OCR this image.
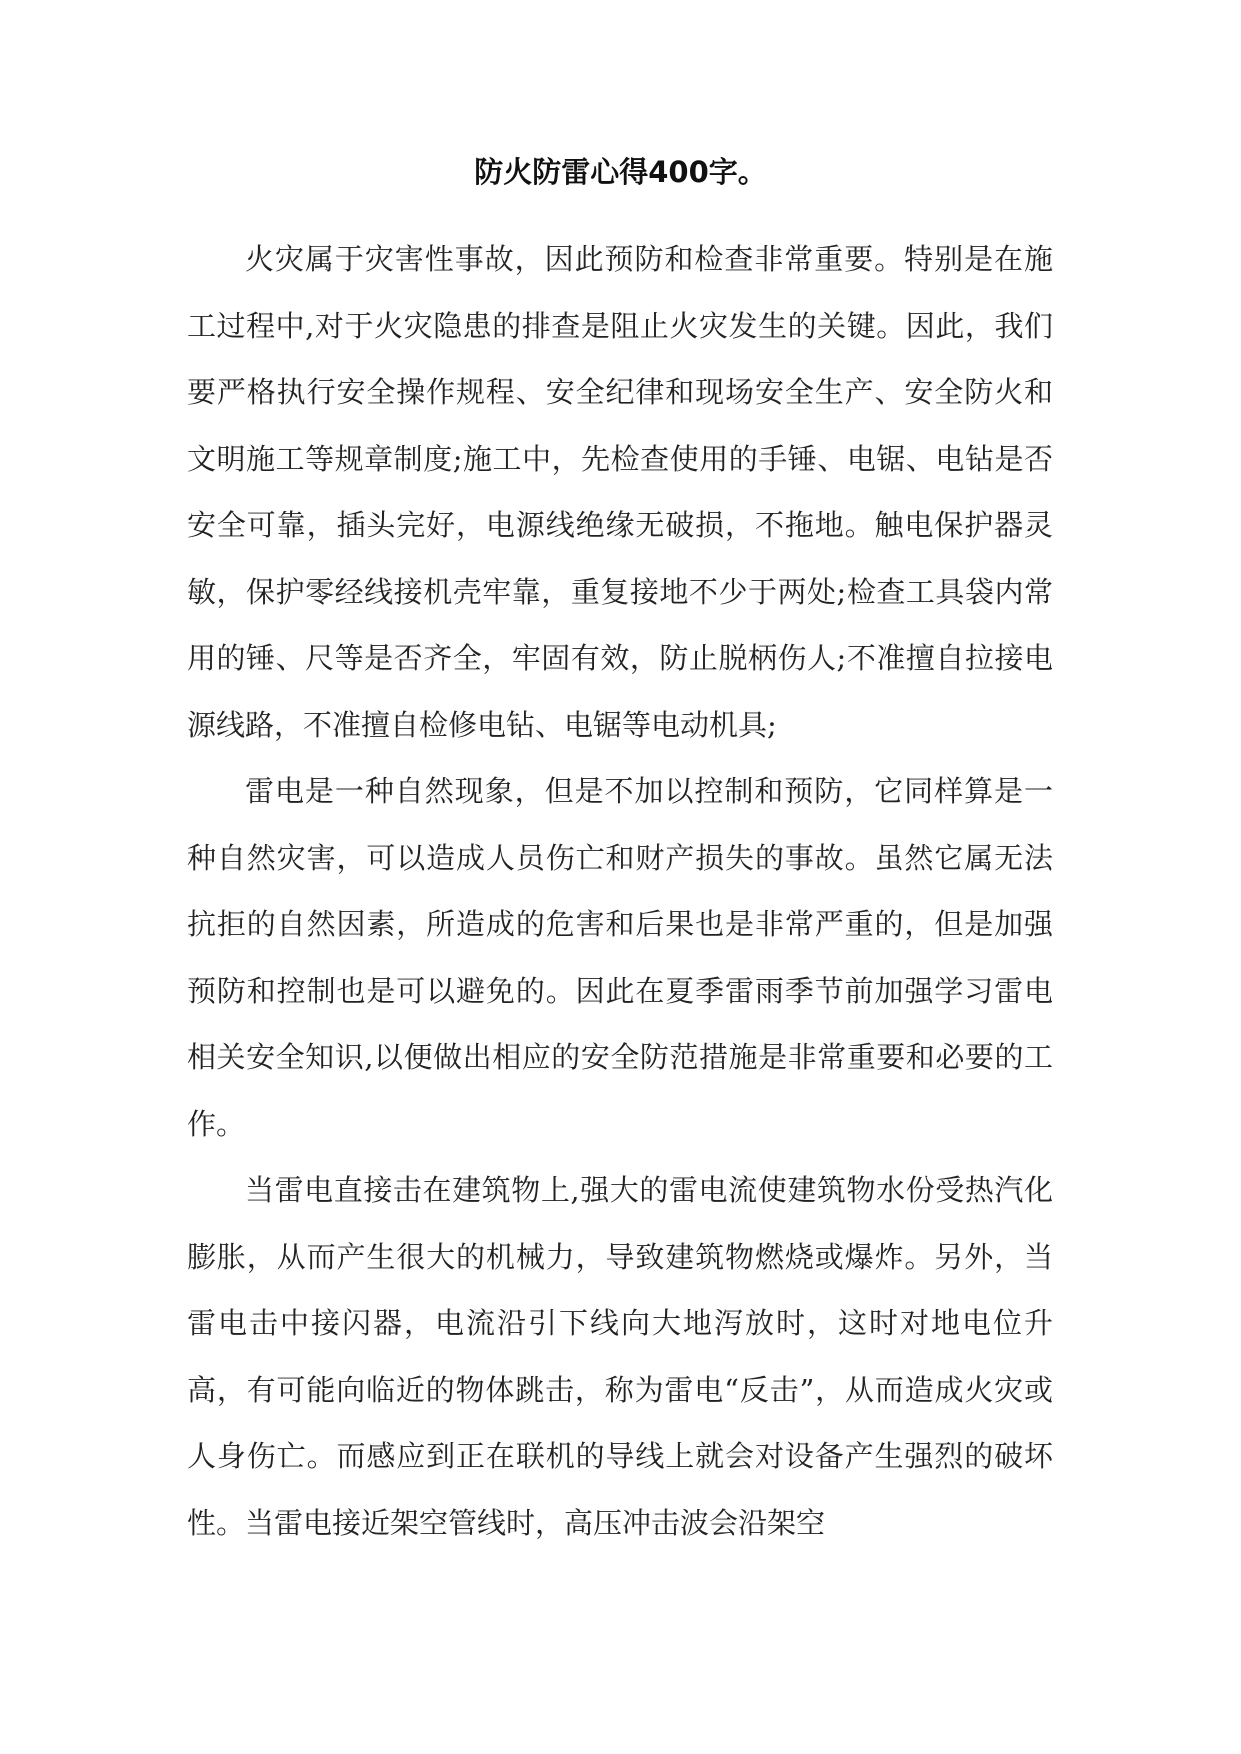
防火防雷心得400字。

火灾属于灾害性事故，因此预防和检查非常重要。特别是在施工过程中,对于火灾隐患的排查是阻止火灾发生的关键。因此，我们要严格执行安全操作规程、安全纪律和现场安全生产、安全防火和文明施工等规章制度;施工中，先检查使用的手锤、电锯、电钻是否安全可靠，插头完好，电源线绝缘无破损，不拖地。触电保护器灵敏，保护零经线接机壳牢靠，重复接地不少于两处;检查工具袋内常用的锤、尺等是否齐全，牢固有效，防止脱柄伤人;不准擅自拉接电源线路，不准擅自检修电钻、电锯等电动机具;

雷电是一种自然现象，但是不加以控制和预防，它同样算是一种自然灾害，可以造成人员伤亡和财产损失的事故。虽然它属无法抗拒的自然因素，所造成的危害和后果也是非常严重的，但是加强预防和控制也是可以避免的。因此在夏季雷雨季节前加强学习雷电相关安全知识,以便做出相应的安全防范措施是非常重要和必要的工作。

当雷电直接击在建筑物上,强大的雷电流使建筑物水份受热汽化膨胀，从而产生很大的机械力，导致建筑物燃烧或爆炸。另外，当雷电击中接闪器，电流沿引下线向大地泻放时，这时对地电位升高，有可能向临近的物体跳击，称为雷电“反击”，从而造成火灾或人身伤亡。而感应到正在联机的导线上就会对设备产生强烈的破坏性。当雷电接近架空管线时，高压冲击波会沿架空
